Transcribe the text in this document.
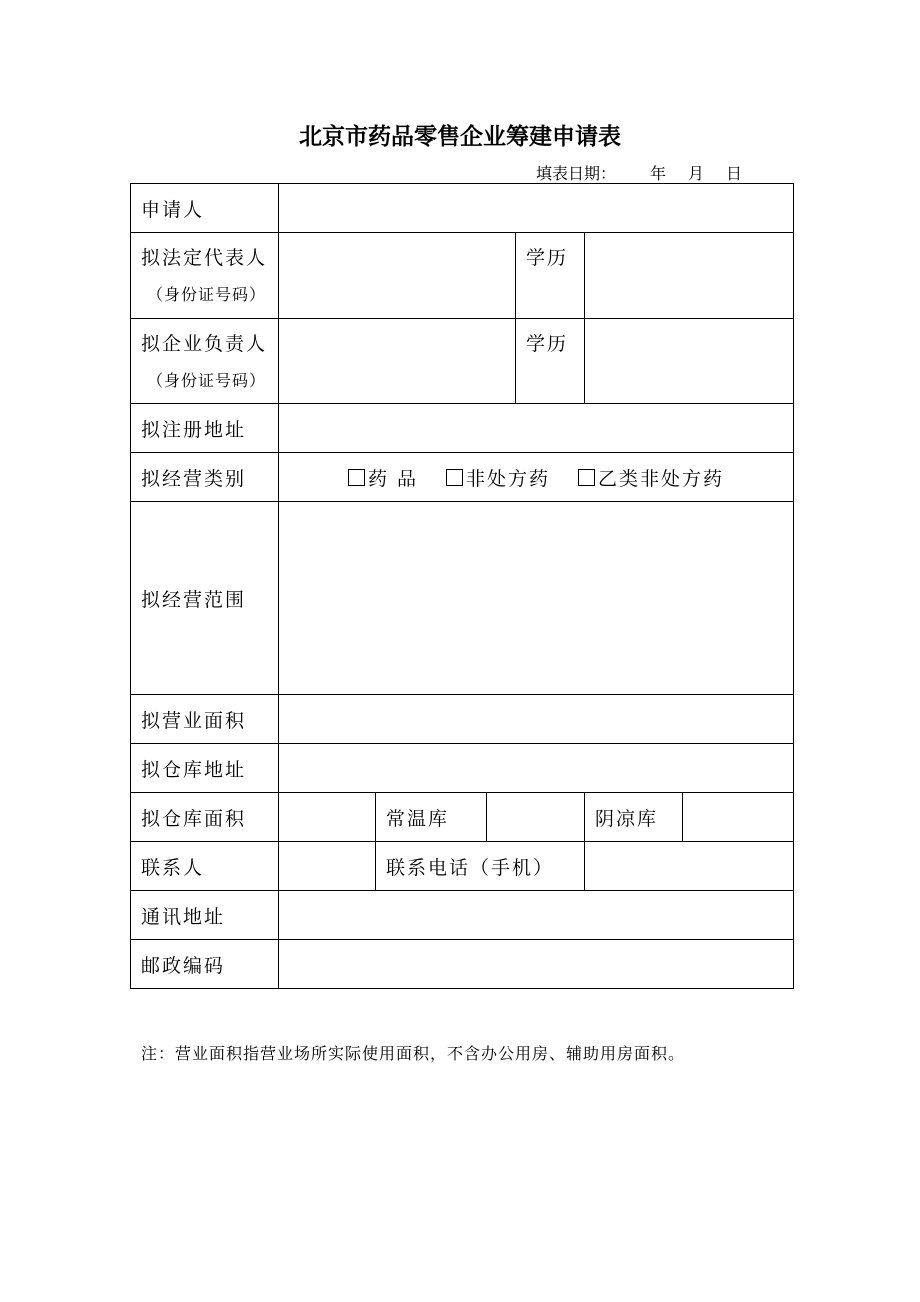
北京市药品零售企业筹建申请表
填表日期： 年 月 日
申请人						
拟法定代表人
（身份证号码）				学历		
拟企业负责人
（身份证号码）				学历		
拟注册地址						
拟经营类别	药 品 非处方药 乙类非处方药					
拟经营范围						
拟营业面积						
拟仓库地址						
拟仓库面积		常温库			阴凉库	
联系人		联系电话（手机）				
通讯地址						
邮政编码						
注：营业面积指营业场所实际使用面积，不含办公用房、辅助用房面积。
